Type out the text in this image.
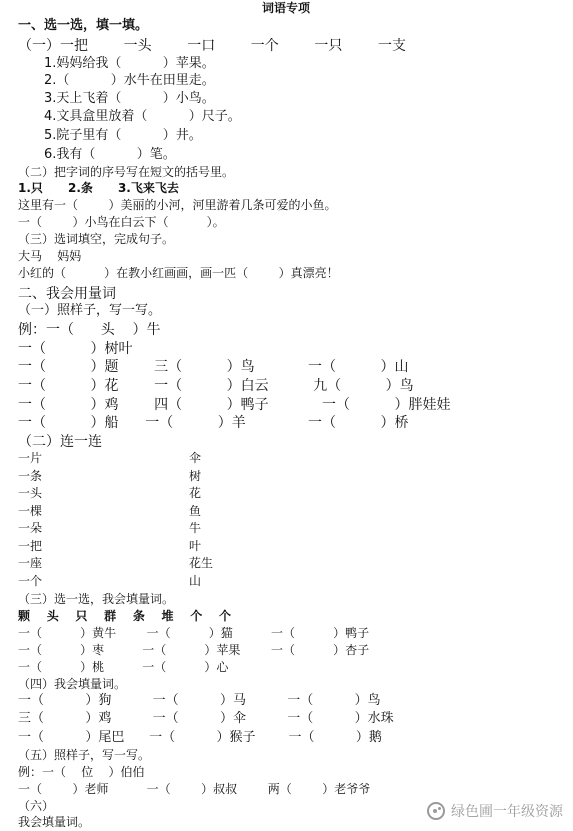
词语专项
一、选一选，填一填。
（一）一把        一头        一口        一个        一只        一支
1.妈妈给我（          ）苹果。
2.（          ）水牛在田里走。
3.天上飞着（          ）小鸟。
4.文具盒里放着（          ）尺子。
5.院子里有（          ）井。
6.我有（          ）笔。
（二）把字词的序号写在短文的括号里。
1.只      2.条      3.飞来飞去
这里有一（        ）美丽的小河，河里游着几条可爱的小鱼。
一（        ）小鸟在白云下（          ）。
（三）选词填空，完成句子。
大马    妈妈
小红的（          ）在教小红画画，画一匹（        ）真漂亮！
二、我会用量词
（一）照样子，写一写。
例：一（      头    ）牛
一（          ）树叶
一（          ）题        三（          ）鸟            一（          ）山
一（          ）花        一（          ）白云          九（          ）鸟
一（          ）鸡        四（          ）鸭子            一（          ）胖娃娃
一（          ）船      一（          ）羊              一（          ）桥
（二）连一连
一片
一条
一头
一棵
一朵
一把
一座
一个
伞
树
花
鱼
牛
叶
花生
山
（三）选一选，我会填量词。
颗    头    只    群    条    堆    个    个
一（          ）黄牛        一（          ）猫          一（          ）鸭子
一（          ）枣          一（          ）苹果        一（          ）杏子
一（          ）桃          一（          ）心
（四）我会填量词。
一（          ）狗          一（          ）马          一（          ）鸟
三（          ）鸡          一（          ）伞          一（          ）水珠
一（          ）尾巴      一（          ）猴子        一（          ）鹅
（五）照样子，写一写。
例：一（    位    ）伯伯
一（        ）老师          一（        ）叔叔        两（        ）老爷爷
（六）
我会填量词。
绿色圃一年级资源
